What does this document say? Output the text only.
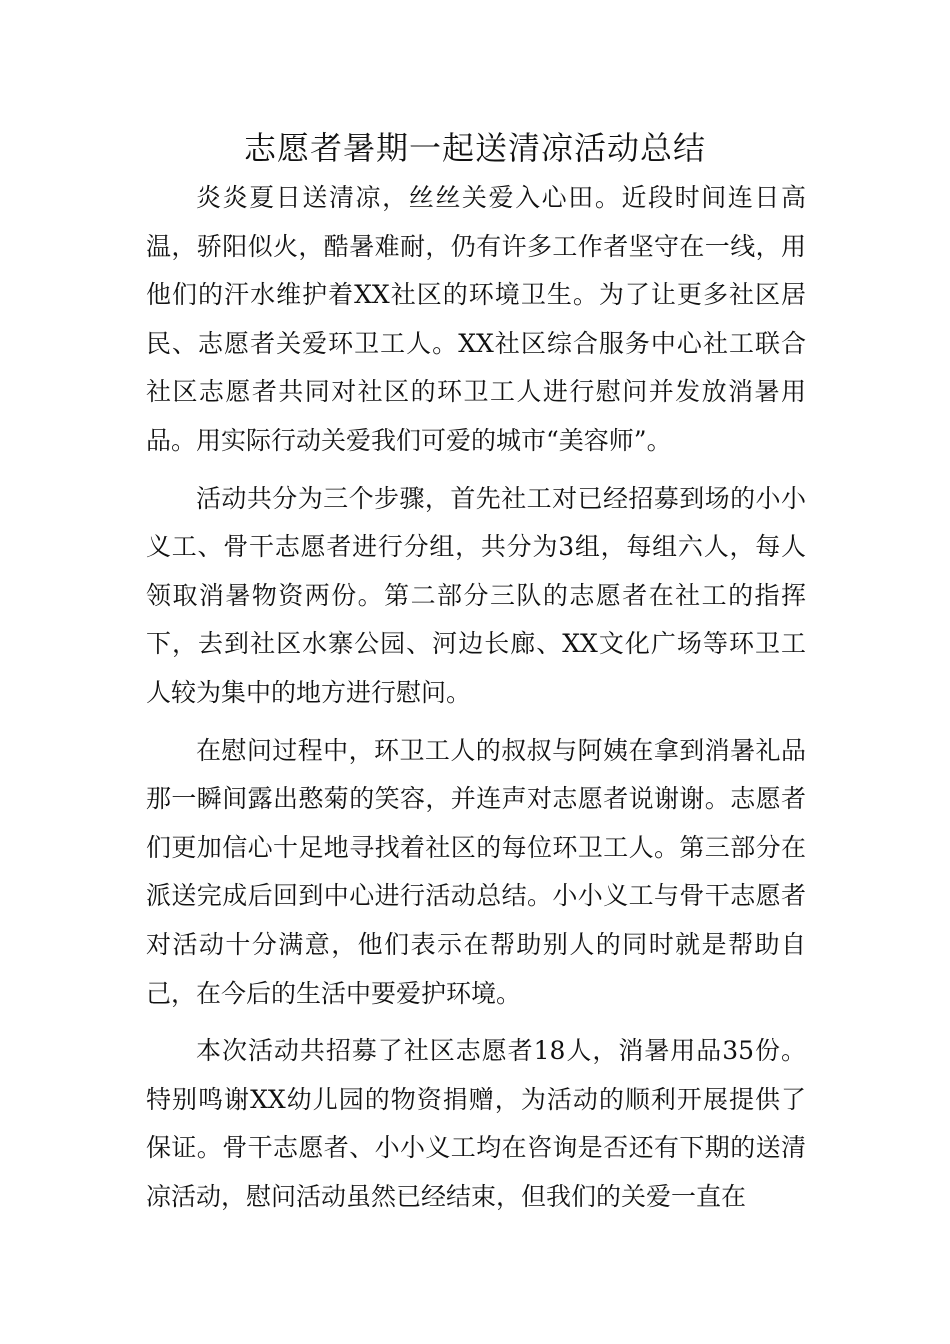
志愿者暑期一起送清凉活动总结

炎炎夏日送清凉，丝丝关爱入心田。近段时间连日高温，骄阳似火，酷暑难耐，仍有许多工作者坚守在一线，用他们的汗水维护着XX社区的环境卫生。为了让更多社区居民、志愿者关爱环卫工人。XX社区综合服务中心社工联合社区志愿者共同对社区的环卫工人进行慰问并发放消暑用品。用实际行动关爱我们可爱的城市“美容师”。

活动共分为三个步骤，首先社工对已经招募到场的小小义工、骨干志愿者进行分组，共分为3组，每组六人，每人领取消暑物资两份。第二部分三队的志愿者在社工的指挥下，去到社区水寨公园、河边长廊、XX文化广场等环卫工人较为集中的地方进行慰问。

在慰问过程中，环卫工人的叔叔与阿姨在拿到消暑礼品那一瞬间露出憨菊的笑容，并连声对志愿者说谢谢。志愿者们更加信心十足地寻找着社区的每位环卫工人。第三部分在派送完成后回到中心进行活动总结。小小义工与骨干志愿者对活动十分满意，他们表示在帮助别人的同时就是帮助自己，在今后的生活中要爱护环境。

本次活动共招募了社区志愿者18人，消暑用品35份。特别鸣谢XX幼儿园的物资捐赠，为活动的顺利开展提供了保证。骨干志愿者、小小义工均在咨询是否还有下期的送清凉活动，慰问活动虽然已经结束，但我们的关爱一直在
